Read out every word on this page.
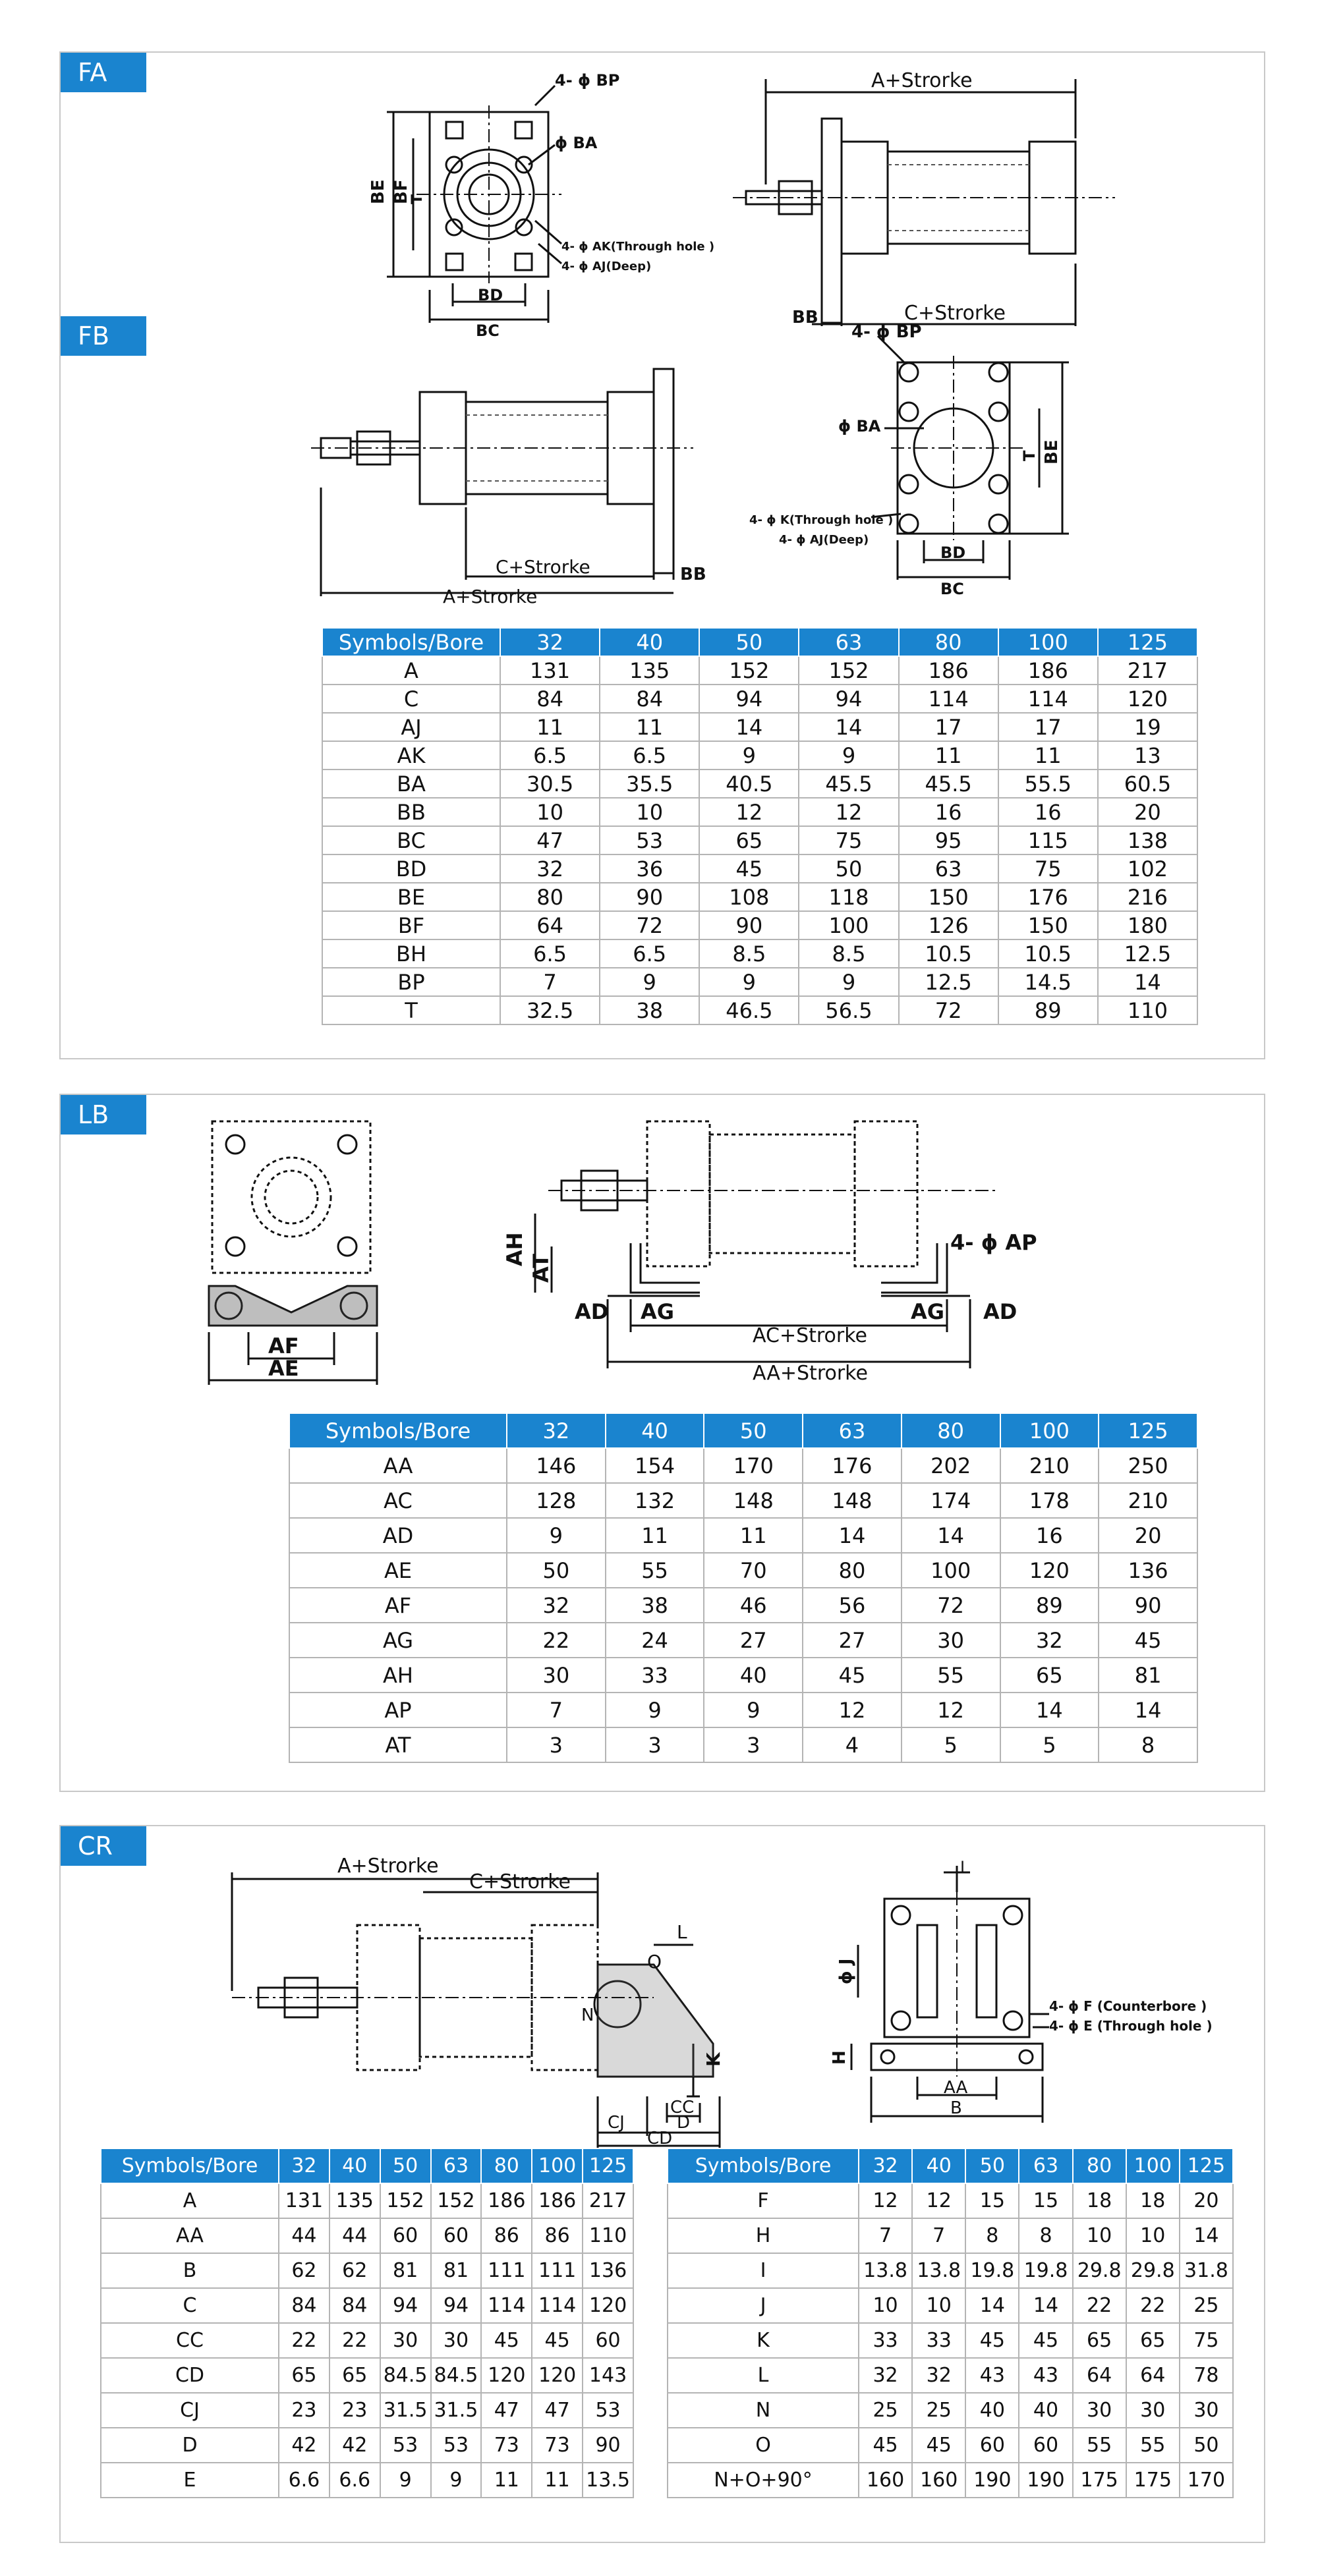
FA	4- ϕ BP
ϕ BA
BE BF
T
4- ϕ AK(Through hole )
4- ϕ AJ(Deep)
BD
BC
A+Strorke
C+Strorke
BB
FB
C+Strorke
A+Strorke
BB
4- ϕ BP
ϕ BA
T BE
4- ϕ K(Through hole )
4- ϕ AJ(Deep)
BD
BC
Symbols/Bore	32	40	50	63	80	100	125
A	131	135	152	152	186	186	217
C	84	84	94	94	114	114	120
AJ	11	11	14	14	17	17	19
AK	6.5	6.5	9	9	11	11	13
BA	30.5	35.5	40.5	45.5	45.5	55.5	60.5
BB	10	10	12	12	16	16	20
BC	47	53	65	75	95	115	138
BD	32	36	45	50	63	75	102
BE	80	90	108	118	150	176	216
BF	64	72	90	100	126	150	180
BH	6.5	6.5	8.5	8.5	10.5	10.5	12.5
BP	7	9	9	9	12.5	14.5	14
T	32.5	38	46.5	56.5	72	89	110
LB
AF
AE
AH
AT
AD AG	AG AD
4- ϕ AP
AC+Strorke
AA+Strorke
Symbols/Bore	32	40	50	63	80	100	125
AA	146	154	170	176	202	210	250
AC	128	132	148	148	174	178	210
AD	9	11	11	14	14	16	20
AE	50	55	70	80	100	120	136
AF	32	38	46	56	72	89	90
AG	22	24	27	27	30	32	45
AH	30	33	40	45	55	65	81
AP	7	9	9	12	12	14	14
AT	3	3	3	4	5	5	8
CR
A+Strorke
C+Strorke
L
O
N
K
CC
CJ	D
CD
I
ϕ J
H
4- ϕ F (Counterbore )
4- ϕ E (Through hole )
AA
B
Symbols/Bore	32	40	50	63	80	100	125
A	131	135	152	152	186	186	217
AA	44	44	60	60	86	86	110
B	62	62	81	81	111	111	136
C	84	84	94	94	114	114	120
CC	22	22	30	30	45	45	60
CD	65	65	84.5	84.5	120	120	143
CJ	23	23	31.5	31.5	47	47	53
D	42	42	53	53	73	73	90
E	6.6	6.6	9	9	11	11	13.5
Symbols/Bore	32	40	50	63	80	100	125
F	12	12	15	15	18	18	20
H	7	7	8	8	10	10	14
I	13.8	13.8	19.8	19.8	29.8	29.8	31.8
J	10	10	14	14	22	22	25
K	33	33	45	45	65	65	75
L	32	32	43	43	64	64	78
N	25	25	40	40	30	30	30
O	45	45	60	60	55	55	50
N+O+90°	160	160	190	190	175	175	170
